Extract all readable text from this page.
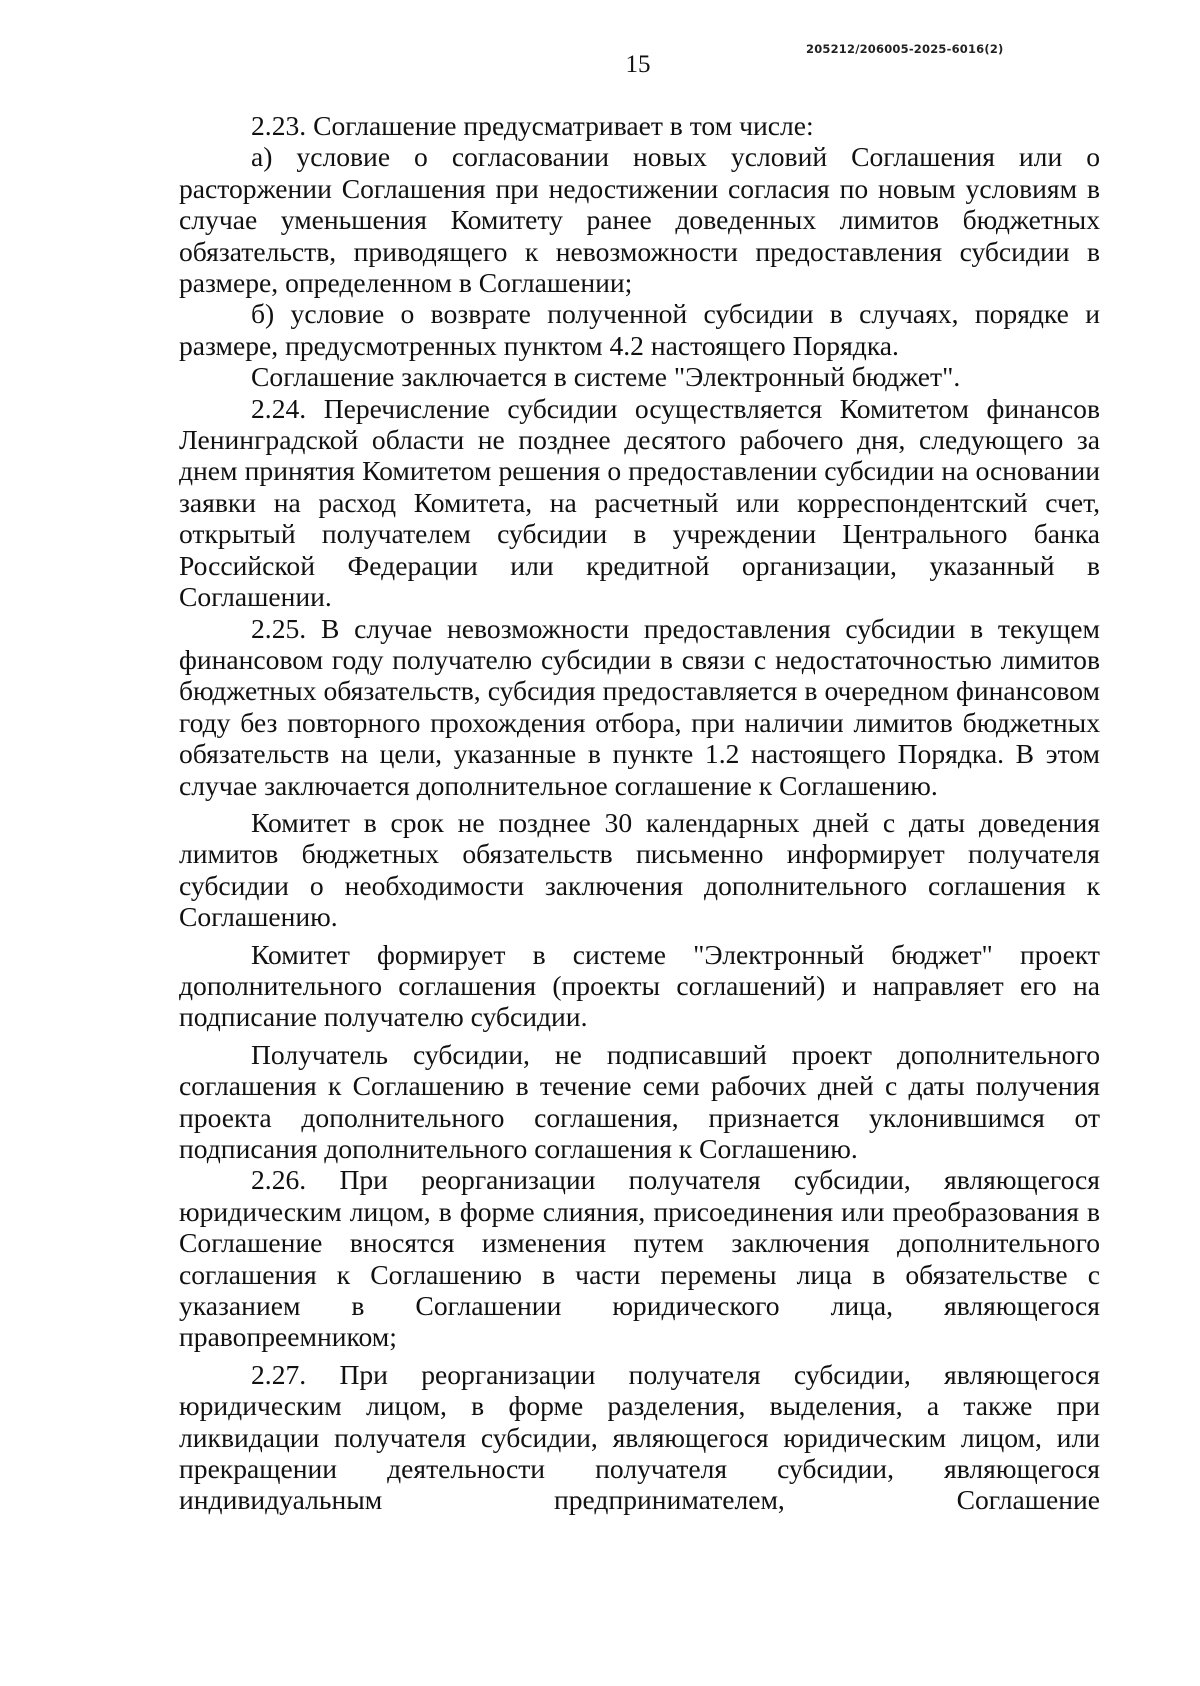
15
205212/206005-2025-6016(2)

2.23. Соглашение предусматривает в том числе:

а) условие о согласовании новых условий Соглашения или о расторжении Соглашения при недостижении согласия по новым условиям в случае уменьшения Комитету ранее доведенных лимитов бюджетных обязательств, приводящего к невозможности предоставления субсидии в размере, определенном в Соглашении;

б) условие о возврате полученной субсидии в случаях, порядке и размере, предусмотренных пунктом 4.2 настоящего Порядка.

Соглашение заключается в системе "Электронный бюджет".

2.24. Перечисление субсидии осуществляется Комитетом финансов Ленинградской области не позднее десятого рабочего дня, следующего за днем принятия Комитетом решения о предоставлении субсидии на основании заявки на расход Комитета, на расчетный или корреспондентский счет, открытый получателем субсидии в учреждении Центрального банка Российской Федерации или кредитной организации, указанный в Соглашении.

2.25. В случае невозможности предоставления субсидии в текущем финансовом году получателю субсидии в связи с недостаточностью лимитов бюджетных обязательств, субсидия предоставляется в очередном финансовом году без повторного прохождения отбора, при наличии лимитов бюджетных обязательств на цели, указанные в пункте 1.2 настоящего Порядка. В этом случае заключается дополнительное соглашение к Соглашению.

Комитет в срок не позднее 30 календарных дней с даты доведения лимитов бюджетных обязательств письменно информирует получателя субсидии о необходимости заключения дополнительного соглашения к Соглашению.

Комитет формирует в системе "Электронный бюджет" проект дополнительного соглашения (проекты соглашений) и направляет его на подписание получателю субсидии.

Получатель субсидии, не подписавший проект дополнительного соглашения к Соглашению в течение семи рабочих дней с даты получения проекта дополнительного соглашения, признается уклонившимся от подписания дополнительного соглашения к Соглашению.

2.26. При реорганизации получателя субсидии, являющегося юридическим лицом, в форме слияния, присоединения или преобразования в Соглашение вносятся изменения путем заключения дополнительного соглашения к Соглашению в части перемены лица в обязательстве с указанием в Соглашении юридического лица, являющегося правопреемником;

2.27. При реорганизации получателя субсидии, являющегося юридическим лицом, в форме разделения, выделения, а также при ликвидации получателя субсидии, являющегося юридическим лицом, или прекращении деятельности получателя субсидии, являющегося индивидуальным предпринимателем, Соглашение
